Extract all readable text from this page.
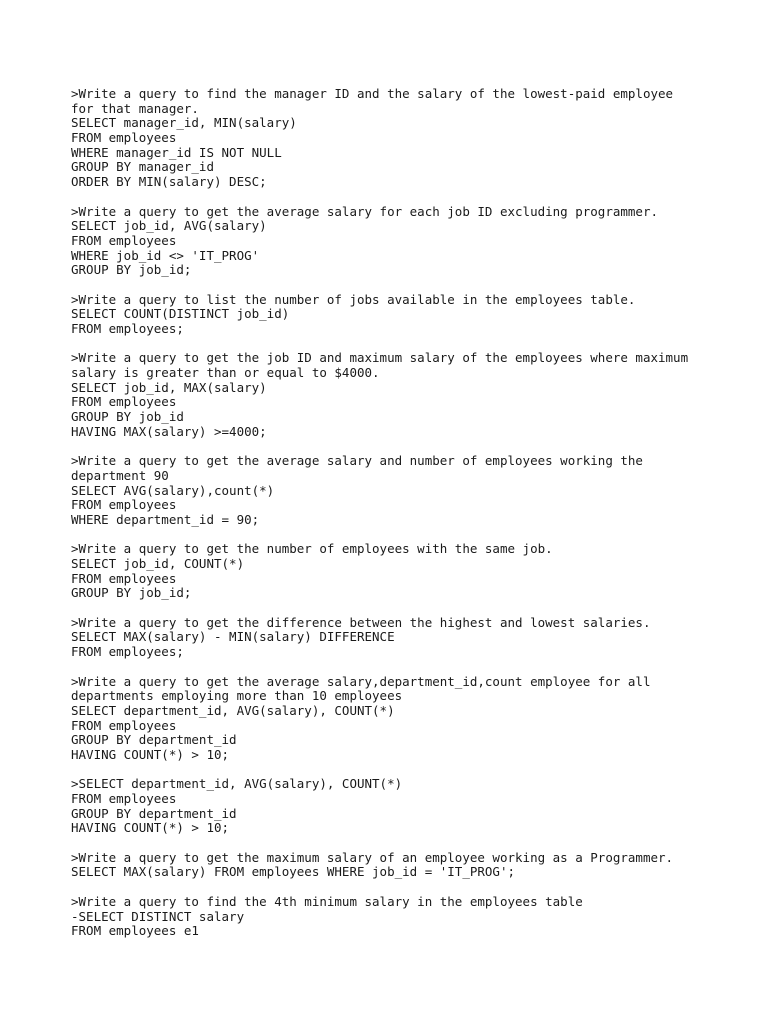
>Write a query to find the manager ID and the salary of the lowest-paid employee
for that manager.
SELECT manager_id, MIN(salary)
FROM employees
WHERE manager_id IS NOT NULL
GROUP BY manager_id
ORDER BY MIN(salary) DESC;
>Write a query to get the average salary for each job ID excluding programmer.
SELECT job_id, AVG(salary)
FROM employees
WHERE job_id <> 'IT_PROG'
GROUP BY job_id;
>Write a query to list the number of jobs available in the employees table.
SELECT COUNT(DISTINCT job_id)
FROM employees;
>Write a query to get the job ID and maximum salary of the employees where maximum
salary is greater than or equal to $4000.
SELECT job_id, MAX(salary)
FROM employees
GROUP BY job_id
HAVING MAX(salary) >=4000;
>Write a query to get the average salary and number of employees working the
department 90
SELECT AVG(salary),count(*)
FROM employees
WHERE department_id = 90;
>Write a query to get the number of employees with the same job.
SELECT job_id, COUNT(*)
FROM employees
GROUP BY job_id;
>Write a query to get the difference between the highest and lowest salaries.
SELECT MAX(salary) - MIN(salary) DIFFERENCE
FROM employees;
>Write a query to get the average salary,department_id,count employee for all
departments employing more than 10 employees
SELECT department_id, AVG(salary), COUNT(*)
FROM employees
GROUP BY department_id
HAVING COUNT(*) > 10;
>SELECT department_id, AVG(salary), COUNT(*)
FROM employees
GROUP BY department_id
HAVING COUNT(*) > 10;
>Write a query to get the maximum salary of an employee working as a Programmer.
SELECT MAX(salary) FROM employees WHERE job_id = 'IT_PROG';
>Write a query to find the 4th minimum salary in the employees table
-SELECT DISTINCT salary
FROM employees e1
